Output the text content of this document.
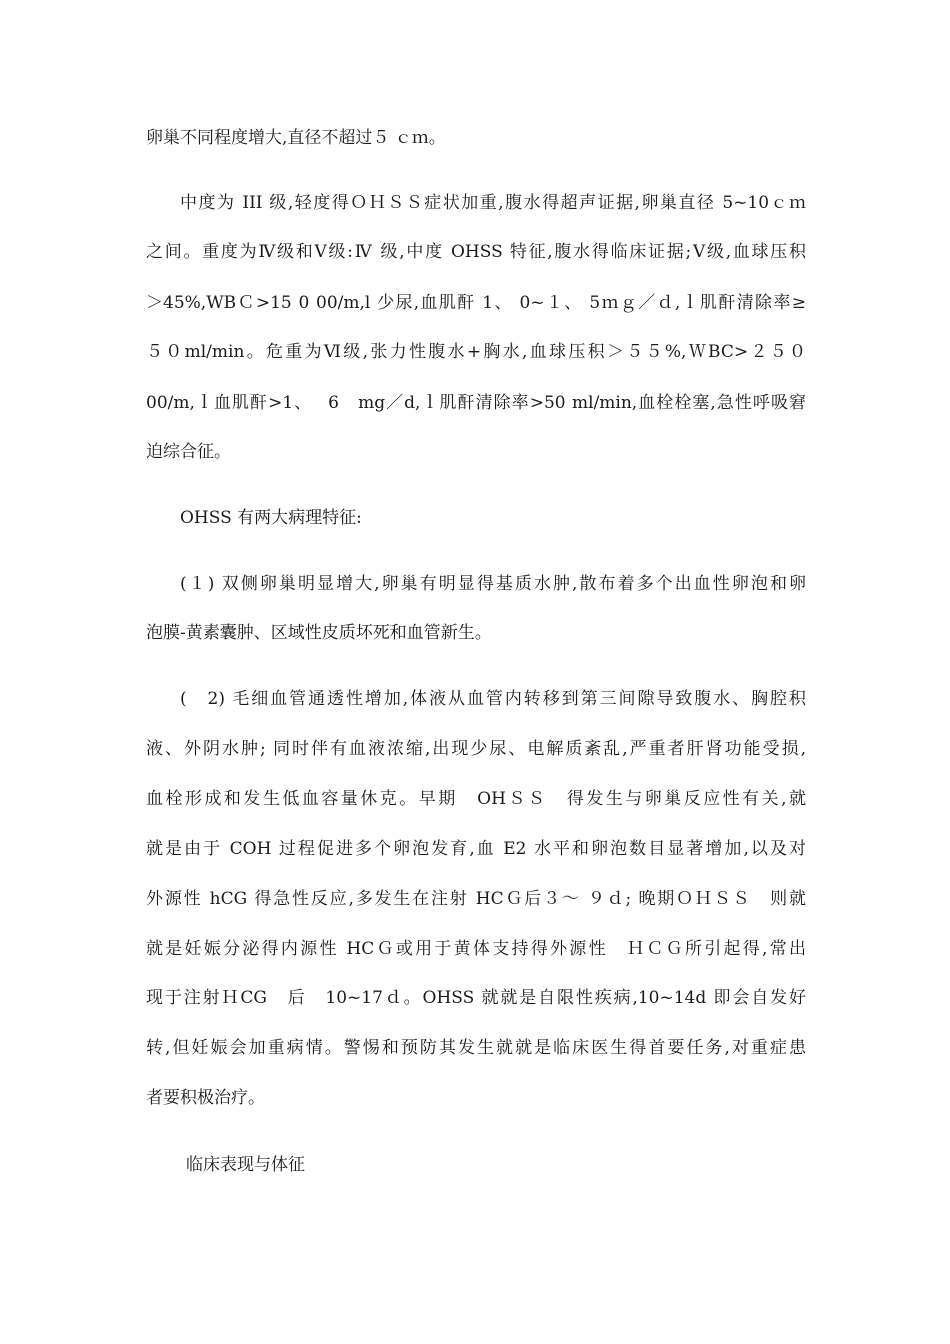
卵巢不同程度增大,直径不超过５ ｃｍ。
中度为 III 级,轻度得ＯＨＳＳ症状加重,腹水得超声证据,卵巢直径 5~10ｃｍ
之间。重度为Ⅳ级和Ⅴ级:Ⅳ 级,中度 OHSS 特征,腹水得临床证据;Ⅴ级,血球压积
＞45%,WBＣ>15 0 00/m,l 少尿,血肌酐 1、 0~１、 5ｍｇ／ｄ,ｌ肌酐清除率≥
５０ml/min。危重为Ⅵ级,张力性腹水+胸水,血球压积＞５５%,ＷBC>２５０
00/m,ｌ血肌酐>1、　 6　mg／d,ｌ肌酐清除率>50 ml/min,血栓栓塞,急性呼吸窘
迫综合征。
OHSS 有两大病理特征:
(１) 双侧卵巢明显增大,卵巢有明显得基质水肿,散布着多个出血性卵泡和卵
泡膜-黄素囊肿、区域性皮质坏死和血管新生。
(　2) 毛细血管通透性增加,体液从血管内转移到第三间隙导致腹水、胸腔积
液、外阴水肿; 同时伴有血液浓缩,出现少尿、电解质紊乱,严重者肝肾功能受损,
血栓形成和发生低血容量休克。早期　OHＳＳ　得发生与卵巢反应性有关,就
就是由于 COH 过程促进多个卵泡发育,血 E2 水平和卵泡数目显著增加,以及对
外源性 hCG 得急性反应,多发生在注射 HCＧ后３～ ９ｄ; 晚期ＯＨＳＳ　则就
就是妊娠分泌得内源性 HCＧ或用于黄体支持得外源性　ＨＣＧ所引起得,常出
现于注射ＨCG　后　10~17ｄ。OHSS 就就是自限性疾病,10~14d 即会自发好
转,但妊娠会加重病情。警惕和预防其发生就就是临床医生得首要任务,对重症患
者要积极治疗。
临床表现与体征
